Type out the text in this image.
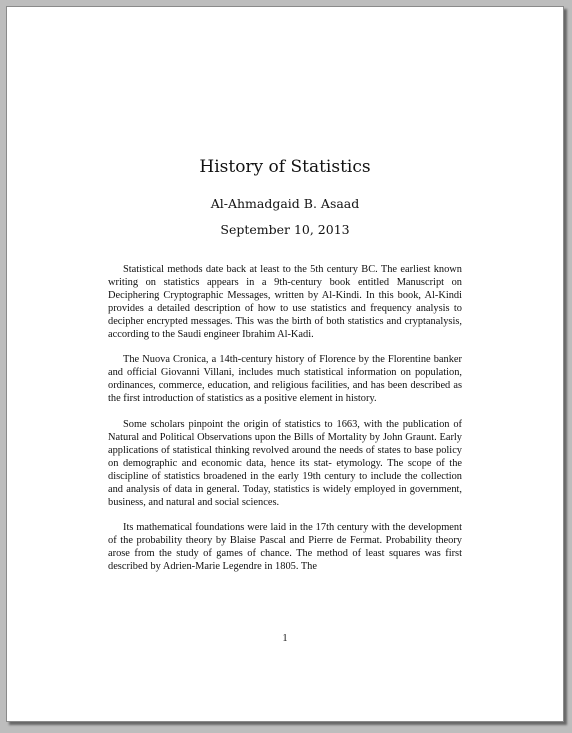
History of Statistics
Al-Ahmadgaid B. Asaad
September 10, 2013

Statistical methods date back at least to the 5th century BC. The earliest known writing on statistics appears in a 9th-century book entitled Manuscript on Deciphering Cryptographic Messages, written by Al-Kindi. In this book, Al-Kindi provides a detailed description of how to use statistics and frequency analysis to decipher encrypted messages. This was the birth of both statistics and cryptanalysis, according to the Saudi engineer Ibrahim Al-Kadi.

The Nuova Cronica, a 14th-century history of Florence by the Florentine banker and official Giovanni Villani, includes much statistical information on population, ordinances, commerce, education, and religious facilities, and has been described as the first introduction of statistics as a positive element in history.

Some scholars pinpoint the origin of statistics to 1663, with the publication of Natural and Political Observations upon the Bills of Mortality by John Graunt. Early applications of statistical thinking revolved around the needs of states to base policy on demographic and economic data, hence its stat- etymology. The scope of the discipline of statistics broadened in the early 19th century to include the collection and analysis of data in general. Today, statistics is widely employed in government, business, and natural and social sciences.

Its mathematical foundations were laid in the 17th century with the development of the probability theory by Blaise Pascal and Pierre de Fermat. Probability theory arose from the study of games of chance. The method of least squares was first described by Adrien-Marie Legendre in 1805. The

1
